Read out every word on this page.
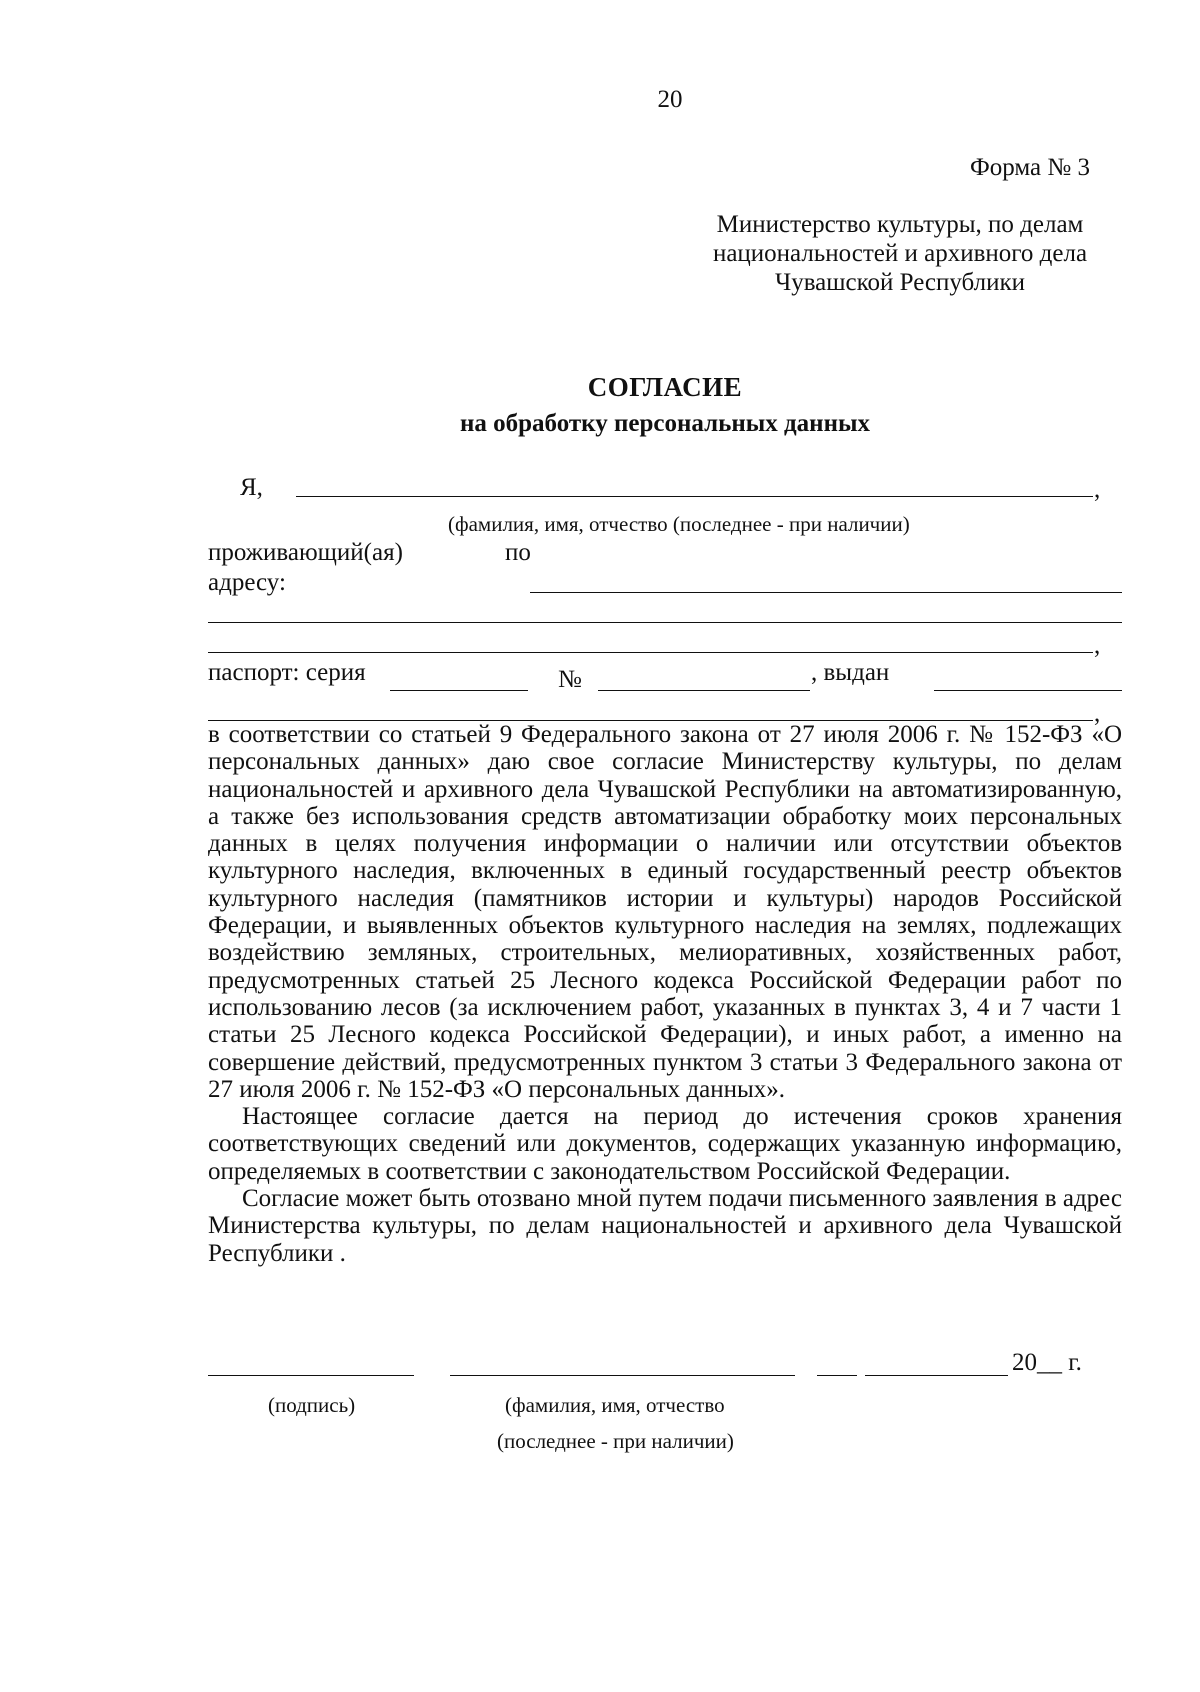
20
Форма № 3
Министерство культуры, по делам национальностей и архивного дела Чувашской Республики
СОГЛАСИЕ
на обработку персональных данных
Я,	,
(фамилия, имя, отчество (последнее - при наличии)
проживающий(ая)	по
адресу:
,
паспорт: серия	№	, выдан
,

в соответствии со статьей 9 Федерального закона от 27 июля 2006 г. № 152-ФЗ «О персональных данных» даю свое согласие Министерству культуры, по делам национальностей и архивного дела Чувашской Республики на автоматизированную, а также без использования средств автоматизации обработку моих персональных данных в целях получения информации о наличии или отсутствии объектов культурного наследия, включенных в единый государственный реестр объектов культурного наследия (памятников истории и культуры) народов Российской Федерации, и выявленных объектов культурного наследия на землях, подлежащих воздействию земляных, строительных, мелиоративных, хозяйственных работ, предусмотренных статьей 25 Лесного кодекса Российской Федерации работ по использованию лесов (за исключением работ, указанных в пунктах 3, 4 и 7 части 1 статьи 25 Лесного кодекса Российской Федерации), и иных работ, а именно на совершение действий, предусмотренных пунктом 3 статьи 3 Федерального закона от 27 июля 2006 г. № 152-ФЗ «О персональных данных».

Настоящее согласие дается на период до истечения сроков хранения соответствующих сведений или документов, содержащих указанную информацию, определяемых в соответствии с законодательством Российской Федерации.

Согласие может быть отозвано мной путем подачи письменного заявления в адрес Министерства культуры, по делам национальностей и архивного дела Чувашской Республики .

20__ г.
(подпись)	(фамилия, имя, отчество
(последнее - при наличии)
